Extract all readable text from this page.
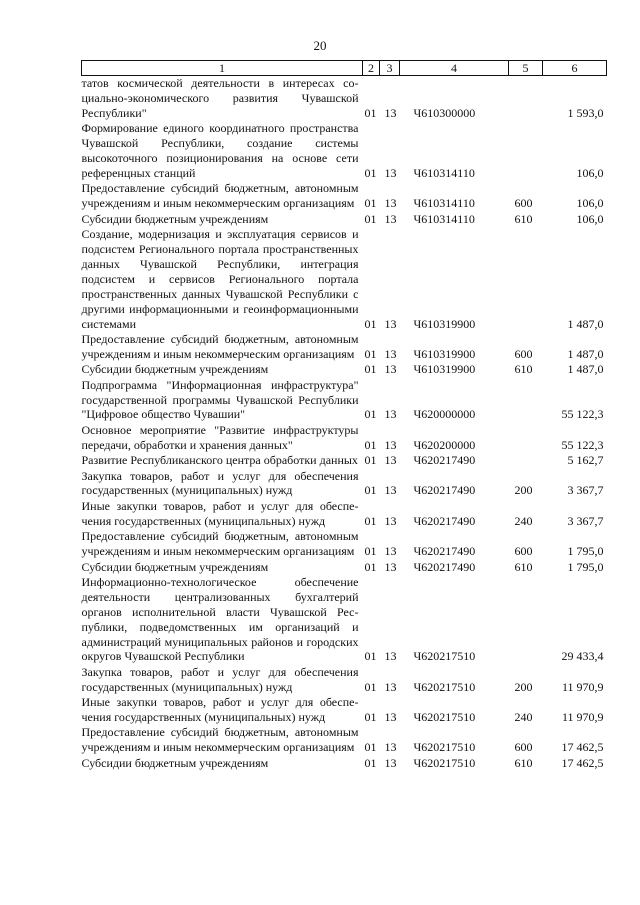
20
1	2	3	4	5	6
татов космической деятельности в интересах социально-экономического развития Чувашской Республики"	01	13	Ч610300000		1 593,0
Формирование единого координатного пространства Чувашской Республики, создание системы высокоточного позиционирования на основе сети референцных станций	01	13	Ч610314110		106,0
Предоставление субсидий бюджетным, автономным учреждениям и иным некоммерческим организациям	01	13	Ч610314110	600	106,0
Субсидии бюджетным учреждениям	01	13	Ч610314110	610	106,0
Создание, модернизация и эксплуатация сервисов и подсистем Регионального портала пространственных данных Чувашской Республики, интеграция подсистем и сервисов Регионального портала пространственных данных Чувашской Республики с другими информационными и геоинформационными системами	01	13	Ч610319900		1 487,0
Предоставление субсидий бюджетным, автономным учреждениям и иным некоммерческим организациям	01	13	Ч610319900	600	1 487,0
Субсидии бюджетным учреждениям	01	13	Ч610319900	610	1 487,0
Подпрограмма "Информационная инфраструктура" государственной программы Чувашской Республики "Цифровое общество Чувашии"	01	13	Ч620000000		55 122,3
Основное мероприятие "Развитие инфраструктуры передачи, обработки и хранения данных"	01	13	Ч620200000		55 122,3
Развитие Республиканского центра обработки данных	01	13	Ч620217490		5 162,7
Закупка товаров, работ и услуг для обеспечения государственных (муниципальных) нужд	01	13	Ч620217490	200	3 367,7
Иные закупки товаров, работ и услуг для обеспечения государственных (муниципальных) нужд	01	13	Ч620217490	240	3 367,7
Предоставление субсидий бюджетным, автономным учреждениям и иным некоммерческим организациям	01	13	Ч620217490	600	1 795,0
Субсидии бюджетным учреждениям	01	13	Ч620217490	610	1 795,0
Информационно-технологическое обеспечение деятельности централизованных бухгалтерий органов исполнительной власти Чувашской Республики, подведомственных им организаций и администраций муниципальных районов и городских округов Чувашской Республики	01	13	Ч620217510		29 433,4
Закупка товаров, работ и услуг для обеспечения государственных (муниципальных) нужд	01	13	Ч620217510	200	11 970,9
Иные закупки товаров, работ и услуг для обеспечения государственных (муниципальных) нужд	01	13	Ч620217510	240	11 970,9
Предоставление субсидий бюджетным, автономным учреждениям и иным некоммерческим организациям	01	13	Ч620217510	600	17 462,5
Субсидии бюджетным учреждениям	01	13	Ч620217510	610	17 462,5
